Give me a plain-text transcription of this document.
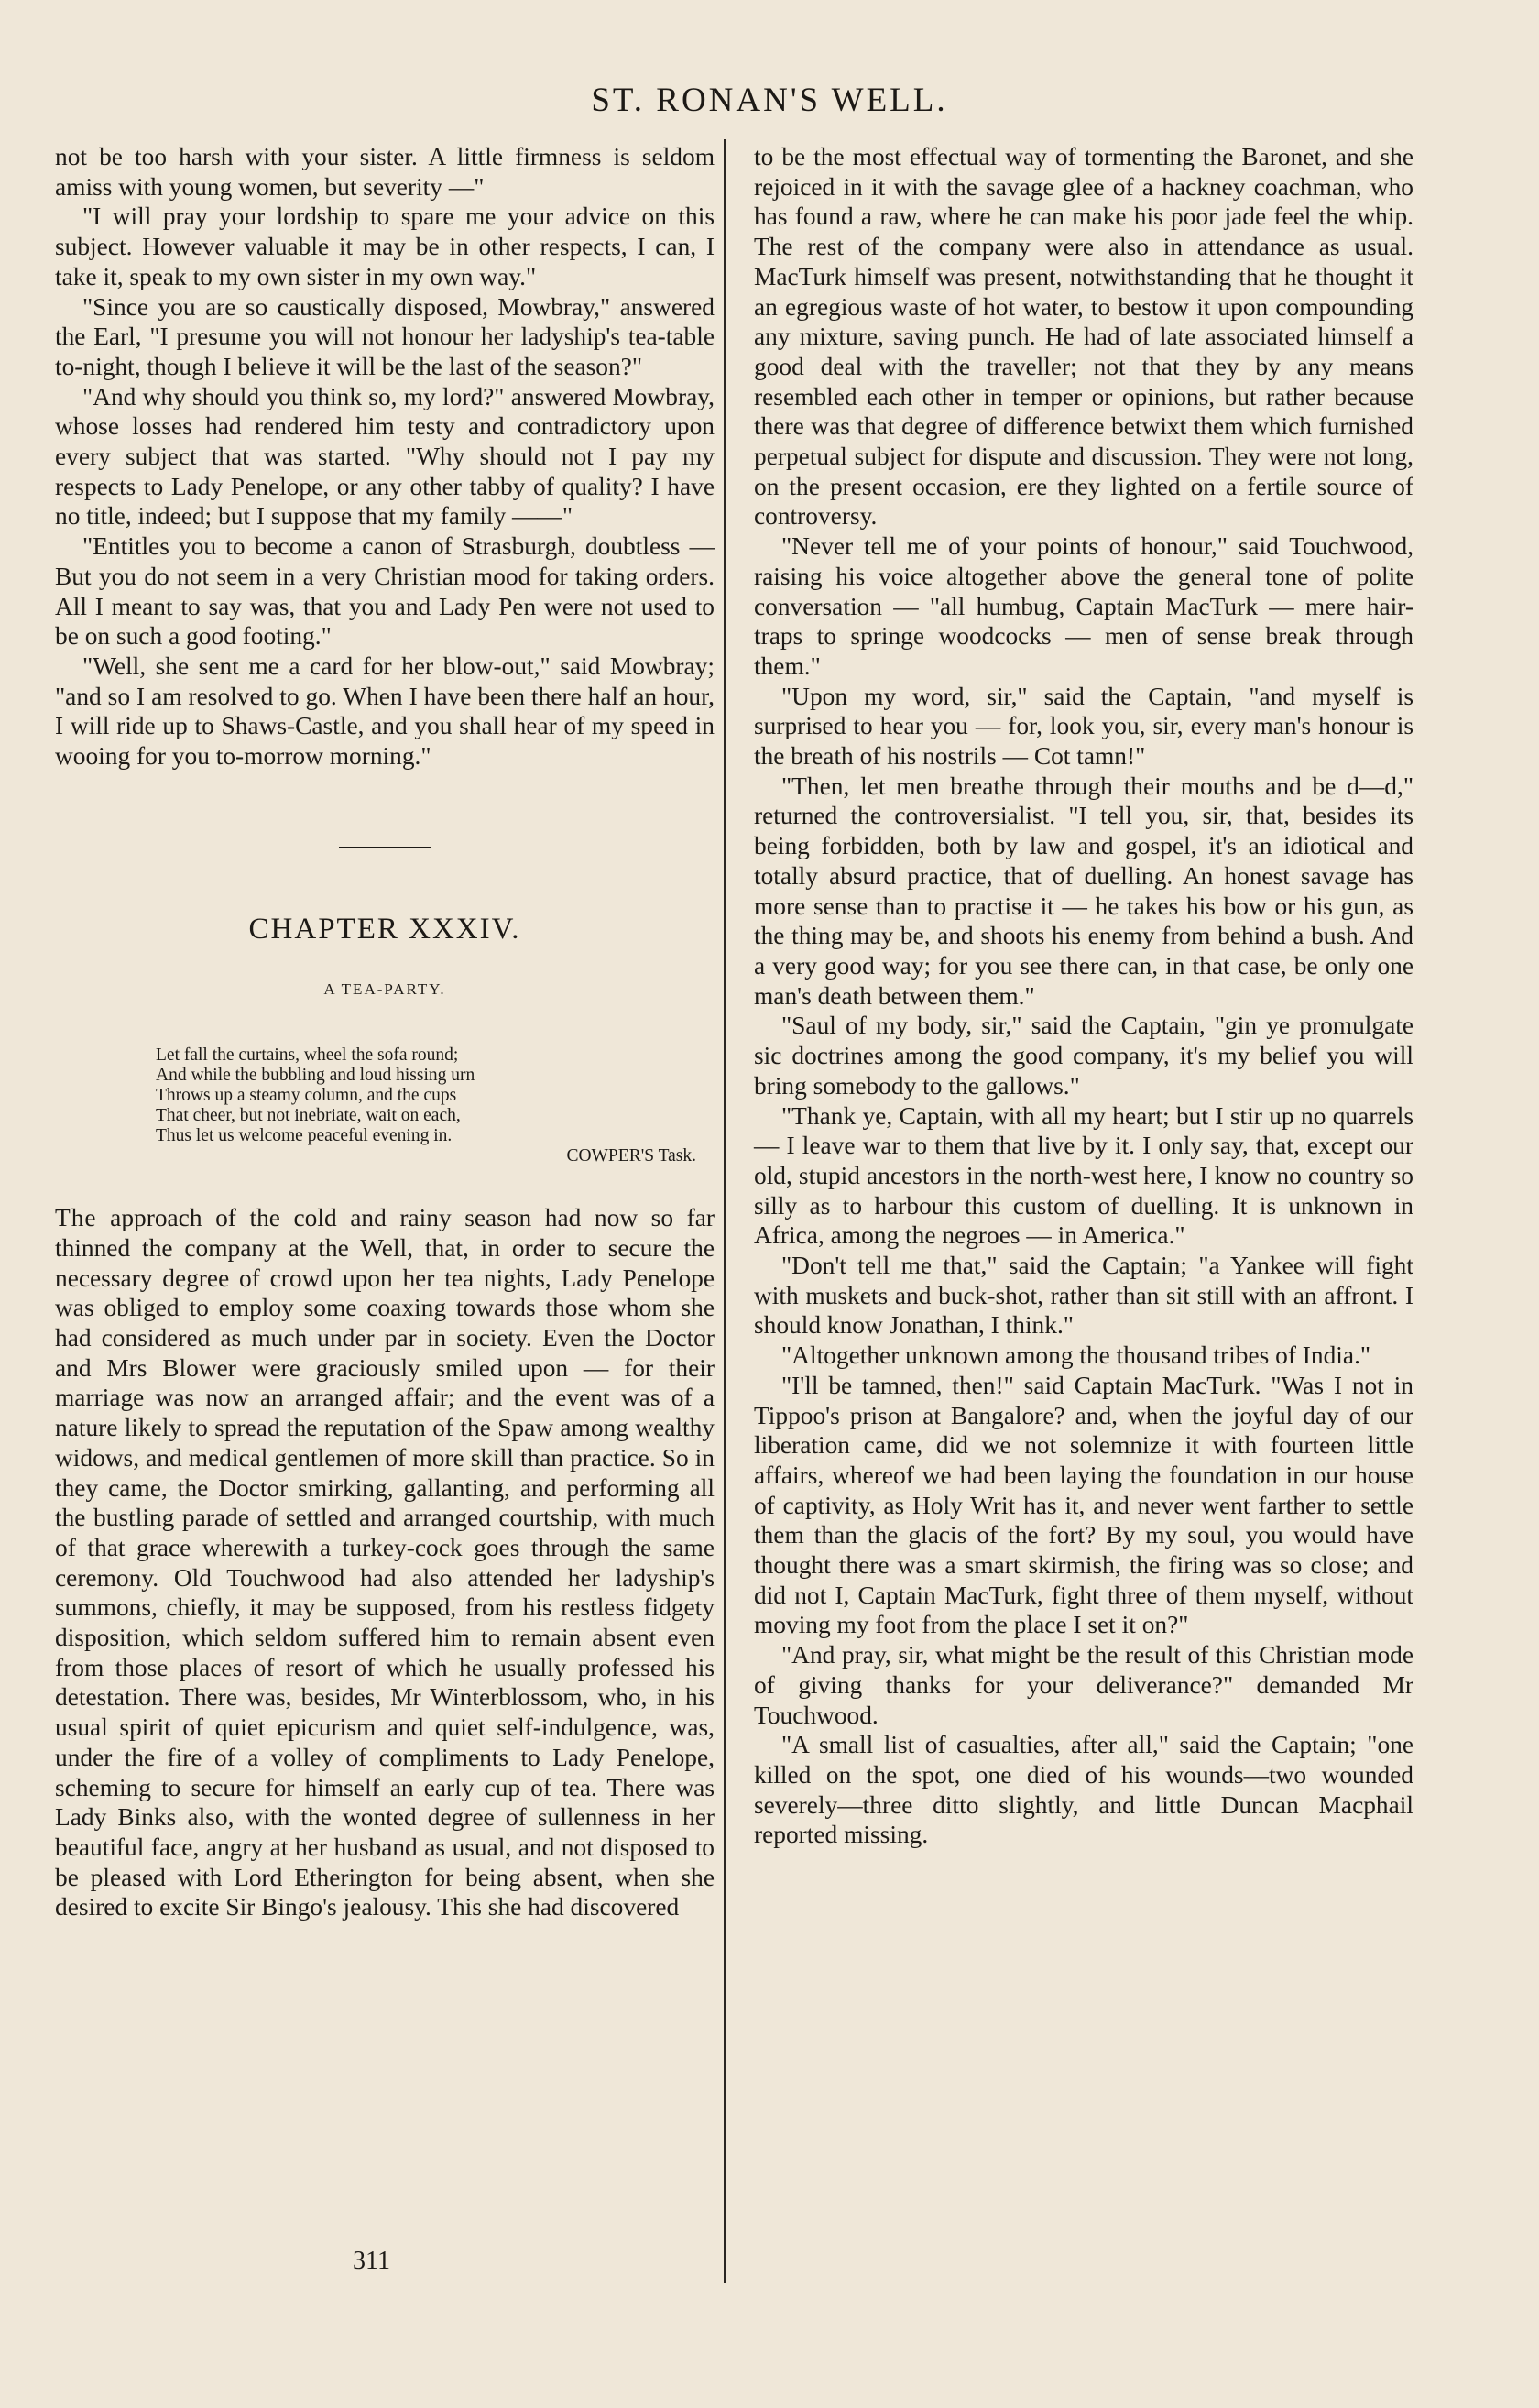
ST. RONAN'S WELL.

not be too harsh with your sister. A little firmness is seldom amiss with young women, but severity —"

"I will pray your lordship to spare me your advice on this subject. However valuable it may be in other respects, I can, I take it, speak to my own sister in my own way."

"Since you are so caustically disposed, Mowbray," answered the Earl, "I presume you will not honour her ladyship's tea-table to-night, though I believe it will be the last of the season?"

"And why should you think so, my lord?" answered Mowbray, whose losses had rendered him testy and contradictory upon every subject that was started. "Why should not I pay my respects to Lady Penelope, or any other tabby of quality? I have no title, indeed; but I suppose that my family ——"

"Entitles you to become a canon of Strasburgh, doubtless — But you do not seem in a very Christian mood for taking orders. All I meant to say was, that you and Lady Pen were not used to be on such a good footing."

"Well, she sent me a card for her blow-out," said Mowbray; "and so I am resolved to go. When I have been there half an hour, I will ride up to Shaws-Castle, and you shall hear of my speed in wooing for you to-morrow morning."

CHAPTER XXXIV.
A TEA-PARTY.
Let fall the curtains, wheel the sofa round;
And while the bubbling and loud hissing urn
Throws up a steamy column, and the cups
That cheer, but not inebriate, wait on each,
Thus let us welcome peaceful evening in.
COWPER'S Task.

The approach of the cold and rainy season had now so far thinned the company at the Well, that, in order to secure the necessary degree of crowd upon her tea nights, Lady Penelope was obliged to employ some coaxing towards those whom she had considered as much under par in society. Even the Doctor and Mrs Blower were graciously smiled upon — for their marriage was now an arranged affair; and the event was of a nature likely to spread the reputation of the Spaw among wealthy widows, and medical gentlemen of more skill than practice. So in they came, the Doctor smirking, gallanting, and performing all the bustling parade of settled and arranged courtship, with much of that grace wherewith a turkey-cock goes through the same ceremony. Old Touchwood had also attended her ladyship's summons, chiefly, it may be supposed, from his restless fidgety disposition, which seldom suffered him to remain absent even from those places of resort of which he usually professed his detestation. There was, besides, Mr Winterblossom, who, in his usual spirit of quiet epicurism and quiet self-indulgence, was, under the fire of a volley of compliments to Lady Penelope, scheming to secure for himself an early cup of tea. There was Lady Binks also, with the wonted degree of sullenness in her beautiful face, angry at her husband as usual, and not disposed to be pleased with Lord Etherington for being absent, when she desired to excite Sir Bingo's jealousy. This she had discovered

to be the most effectual way of tormenting the Baronet, and she rejoiced in it with the savage glee of a hackney coachman, who has found a raw, where he can make his poor jade feel the whip. The rest of the company were also in attendance as usual. MacTurk himself was present, notwithstanding that he thought it an egregious waste of hot water, to bestow it upon compounding any mixture, saving punch. He had of late associated himself a good deal with the traveller; not that they by any means resembled each other in temper or opinions, but rather because there was that degree of difference betwixt them which furnished perpetual subject for dispute and discussion. They were not long, on the present occasion, ere they lighted on a fertile source of controversy.

"Never tell me of your points of honour," said Touchwood, raising his voice altogether above the general tone of polite conversation — "all humbug, Captain MacTurk — mere hair-traps to springe woodcocks — men of sense break through them."

"Upon my word, sir," said the Captain, "and myself is surprised to hear you — for, look you, sir, every man's honour is the breath of his nostrils — Cot tamn!"

"Then, let men breathe through their mouths and be d—d," returned the controversialist. "I tell you, sir, that, besides its being forbidden, both by law and gospel, it's an idiotical and totally absurd practice, that of duelling. An honest savage has more sense than to practise it — he takes his bow or his gun, as the thing may be, and shoots his enemy from behind a bush. And a very good way; for you see there can, in that case, be only one man's death between them."

"Saul of my body, sir," said the Captain, "gin ye promulgate sic doctrines among the good company, it's my belief you will bring somebody to the gallows."

"Thank ye, Captain, with all my heart; but I stir up no quarrels — I leave war to them that live by it. I only say, that, except our old, stupid ancestors in the north-west here, I know no country so silly as to harbour this custom of duelling. It is unknown in Africa, among the negroes — in America."

"Don't tell me that," said the Captain; "a Yankee will fight with muskets and buck-shot, rather than sit still with an affront. I should know Jonathan, I think."

"Altogether unknown among the thousand tribes of India."

"I'll be tamned, then!" said Captain MacTurk. "Was I not in Tippoo's prison at Bangalore? and, when the joyful day of our liberation came, did we not solemnize it with fourteen little affairs, whereof we had been laying the foundation in our house of captivity, as Holy Writ has it, and never went farther to settle them than the glacis of the fort? By my soul, you would have thought there was a smart skirmish, the firing was so close; and did not I, Captain MacTurk, fight three of them myself, without moving my foot from the place I set it on?"

"And pray, sir, what might be the result of this Christian mode of giving thanks for your deliverance?" demanded Mr Touchwood.

"A small list of casualties, after all," said the Captain; "one killed on the spot, one died of his wounds—two wounded severely—three ditto slightly, and little Duncan Macphail reported missing.

311
